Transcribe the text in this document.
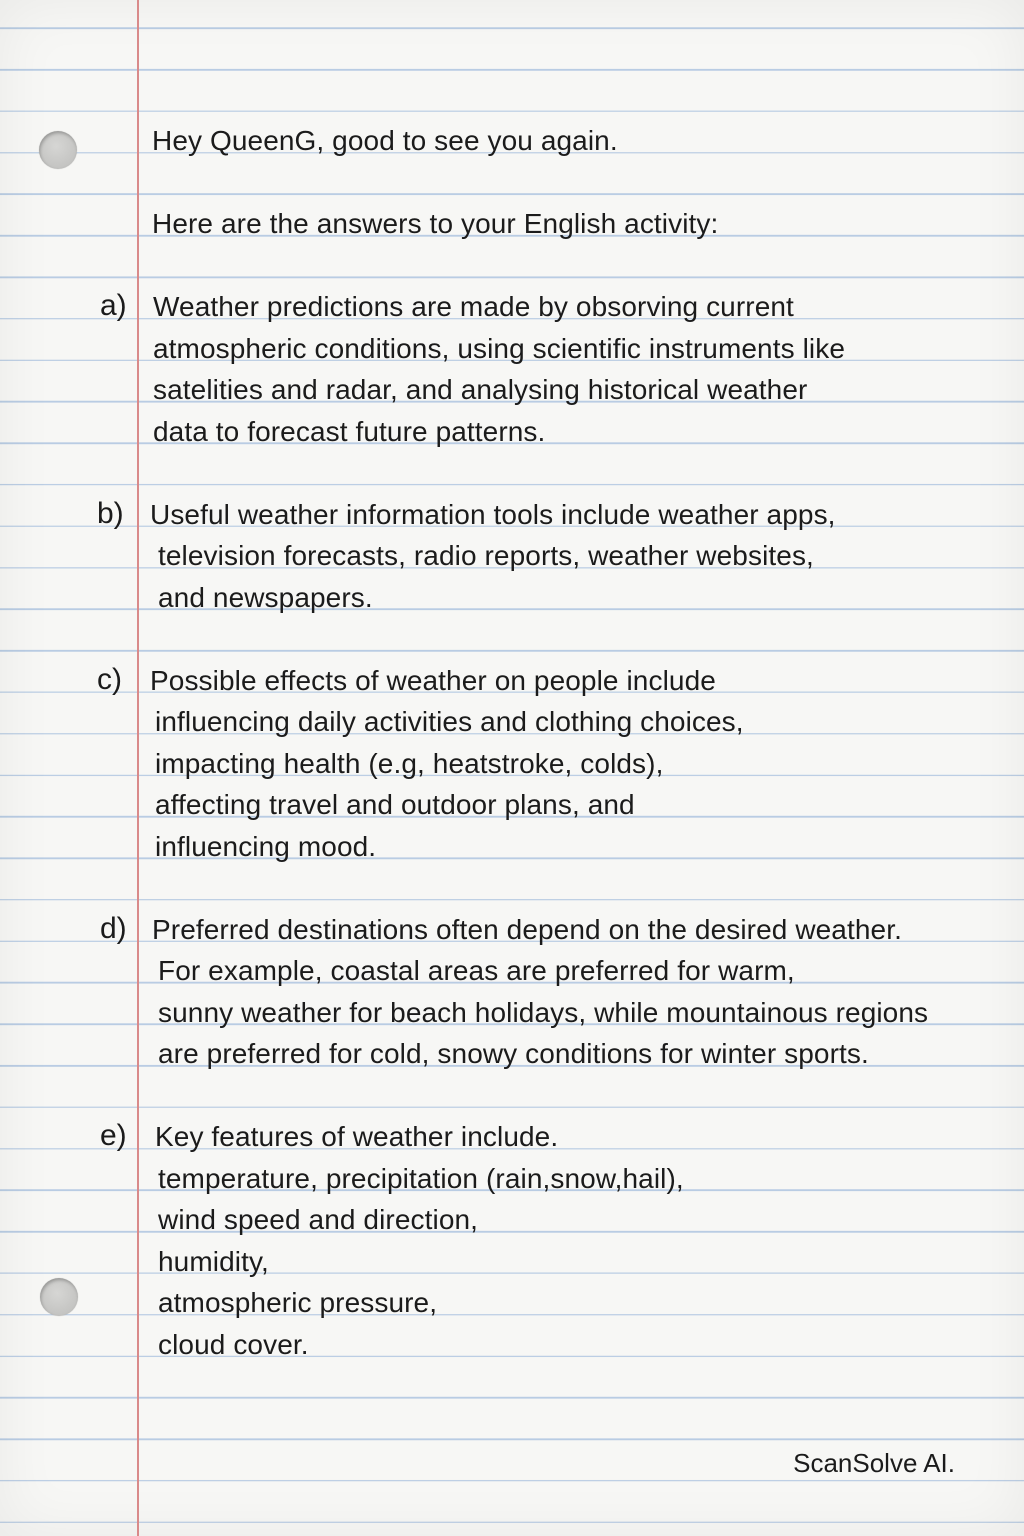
Hey QueenG, good to see you again.
Here are the answers to your English activity:
a) Weather predictions are made by obsorving current
atmospheric conditions, using scientific instruments like
satelities and radar, and analysing historical weather
data to forecast future patterns.
b) Useful weather information tools include weather apps,
television forecasts, radio reports, weather websites,
and newspapers.
c) Possible effects of weather on people include
influencing daily activities and clothing choices,
impacting health (e.g, heatstroke, colds),
affecting travel and outdoor plans, and
influencing mood.
d) Preferred destinations often depend on the desired weather.
For example, coastal areas are preferred for warm,
sunny weather for beach holidays, while mountainous regions
are preferred for cold, snowy conditions for winter sports.
e) Key features of weather include.
temperature, precipitation (rain,snow,hail),
wind speed and direction,
humidity,
atmospheric pressure,
cloud cover.
ScanSolve AI.
